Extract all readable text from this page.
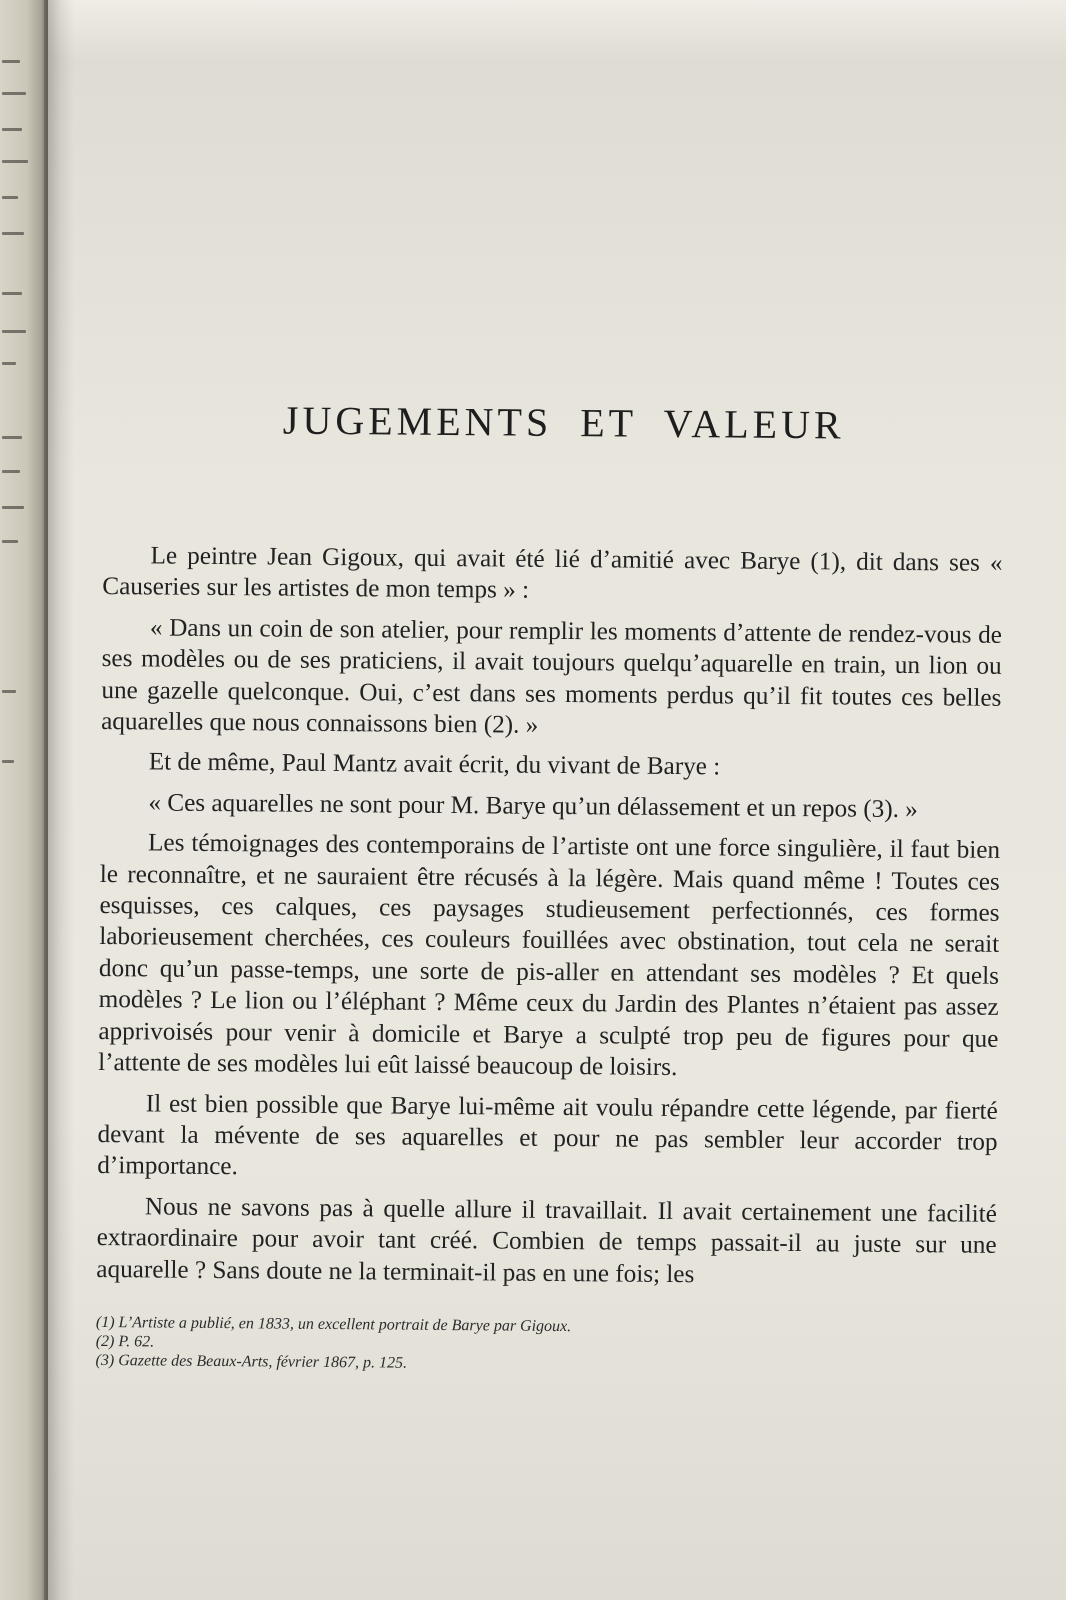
JUGEMENTS ET VALEUR

Le peintre Jean Gigoux, qui avait été lié d’amitié avec Barye (1), dit dans ses « Causeries sur les artistes de mon temps » :

« Dans un coin de son atelier, pour remplir les moments d’attente de rendez-vous de ses modèles ou de ses praticiens, il avait toujours quelqu’aquarelle en train, un lion ou une gazelle quelconque. Oui, c’est dans ses moments perdus qu’il fit toutes ces belles aquarelles que nous connaissons bien (2). »

Et de même, Paul Mantz avait écrit, du vivant de Barye :

« Ces aquarelles ne sont pour M. Barye qu’un délassement et un repos (3). »

Les témoignages des contemporains de l’artiste ont une force singulière, il faut bien le reconnaître, et ne sauraient être récusés à la légère. Mais quand même ! Toutes ces esquisses, ces calques, ces paysages studieusement perfectionnés, ces formes laborieusement cherchées, ces couleurs fouillées avec obstination, tout cela ne serait donc qu’un passe-temps, une sorte de pis-aller en attendant ses modèles ? Et quels modèles ? Le lion ou l’éléphant ? Même ceux du Jardin des Plantes n’étaient pas assez apprivoisés pour venir à domicile et Barye a sculpté trop peu de figures pour que l’attente de ses modèles lui eût laissé beaucoup de loisirs.

Il est bien possible que Barye lui-même ait voulu répandre cette légende, par fierté devant la mévente de ses aquarelles et pour ne pas sembler leur accorder trop d’importance.

Nous ne savons pas à quelle allure il travaillait. Il avait certainement une facilité extraordinaire pour avoir tant créé. Combien de temps passait-il au juste sur une aquarelle ? Sans doute ne la terminait-il pas en une fois; les

(1) L’Artiste a publié, en 1833, un excellent portrait de Barye par Gigoux.

(2) P. 62.

(3) Gazette des Beaux-Arts, février 1867, p. 125.
